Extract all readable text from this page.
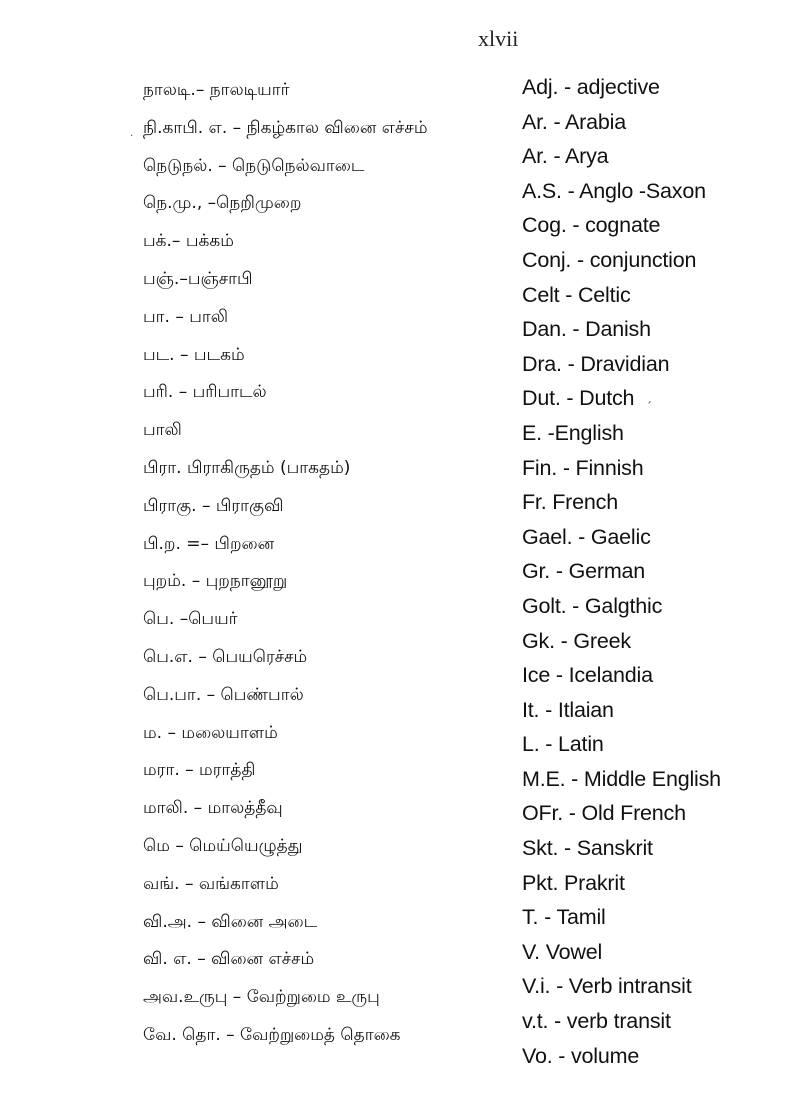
xlvii
நாலடி.– நாலடியார்
நி.காபி. எ. – நிகழ்கால வினை எச்சம்
நெடுநல். – நெடுநெல்வாடை
நெ.மு., –நெறிமுறை
பக்.– பக்கம்
பஞ்.–பஞ்சாபி
பா. – பாலி
பட. – படகம்
பரி. – பரிபாடல்
பாலி
பிரா. பிராகிருதம் (பாகதம்)
பிராகு. – பிராகுவி
பி.ற. =– பிறனை
புறம். – புறநானூறு
பெ. –பெயர்
பெ.எ. – பெயரெச்சம்
பெ.பா. – பெண்பால்
ம. – மலையாளம்
மரா. – மராத்தி
மாலி. – மாலத்தீவு
மெ – மெய்யெழுத்து
வங். – வங்காளம்
வி.அ. – வினை அடை
வி. எ. – வினை எச்சம்
அவ.உருபு – வேற்றுமை உருபு
வே. தொ. – வேற்றுமைத் தொகை
Adj. - adjective
Ar. - Arabia
Ar. - Arya
A.S. - Anglo -Saxon
Cog. - cognate
Conj. - conjunction
Celt - Celtic
Dan. - Danish
Dra. - Dravidian
Dut. - Dutch
E. -English
Fin. - Finnish
Fr. French
Gael. - Gaelic
Gr. - German
Golt. - Galgthic
Gk. - Greek
Ice - Icelandia
It. - Itlaian
L. - Latin
M.E. - Middle English
OFr. - Old French
Skt. - Sanskrit
Pkt. Prakrit
T. - Tamil
V. Vowel
V.i. - Verb intransit
v.t. - verb transit
Vo. - volume
.
´
